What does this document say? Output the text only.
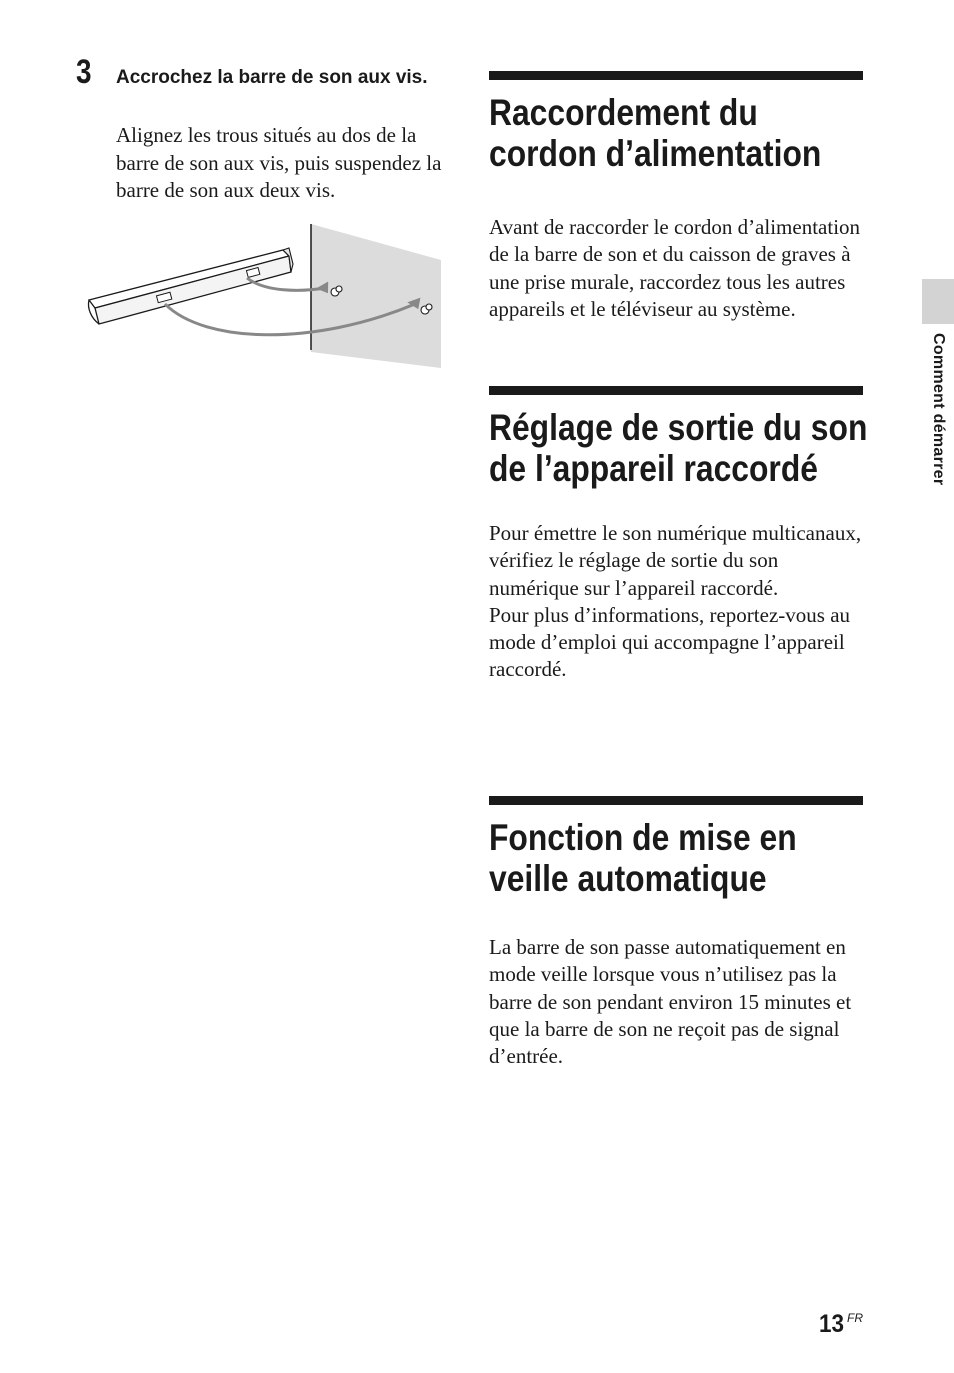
3 Accrochez la barre de son aux vis.
Alignez les trous situés au dos de la barre de son aux vis, puis suspendez la barre de son aux deux vis.
Raccordement du cordon d’alimentation
Avant de raccorder le cordon d’alimentation de la barre de son et du caisson de graves à une prise murale, raccordez tous les autres appareils et le téléviseur au système.
Réglage de sortie du son de l’appareil raccordé
Pour émettre le son numérique multicanaux, vérifiez le réglage de sortie du son numérique sur l’appareil raccordé.
Pour plus d’informations, reportez-vous au mode d’emploi qui accompagne l’appareil raccordé.
Fonction de mise en veille automatique
La barre de son passe automatiquement en mode veille lorsque vous n’utilisez pas la barre de son pendant environ 15 minutes et que la barre de son ne reçoit pas de signal d’entrée.
Comment démarrer
13 FR
